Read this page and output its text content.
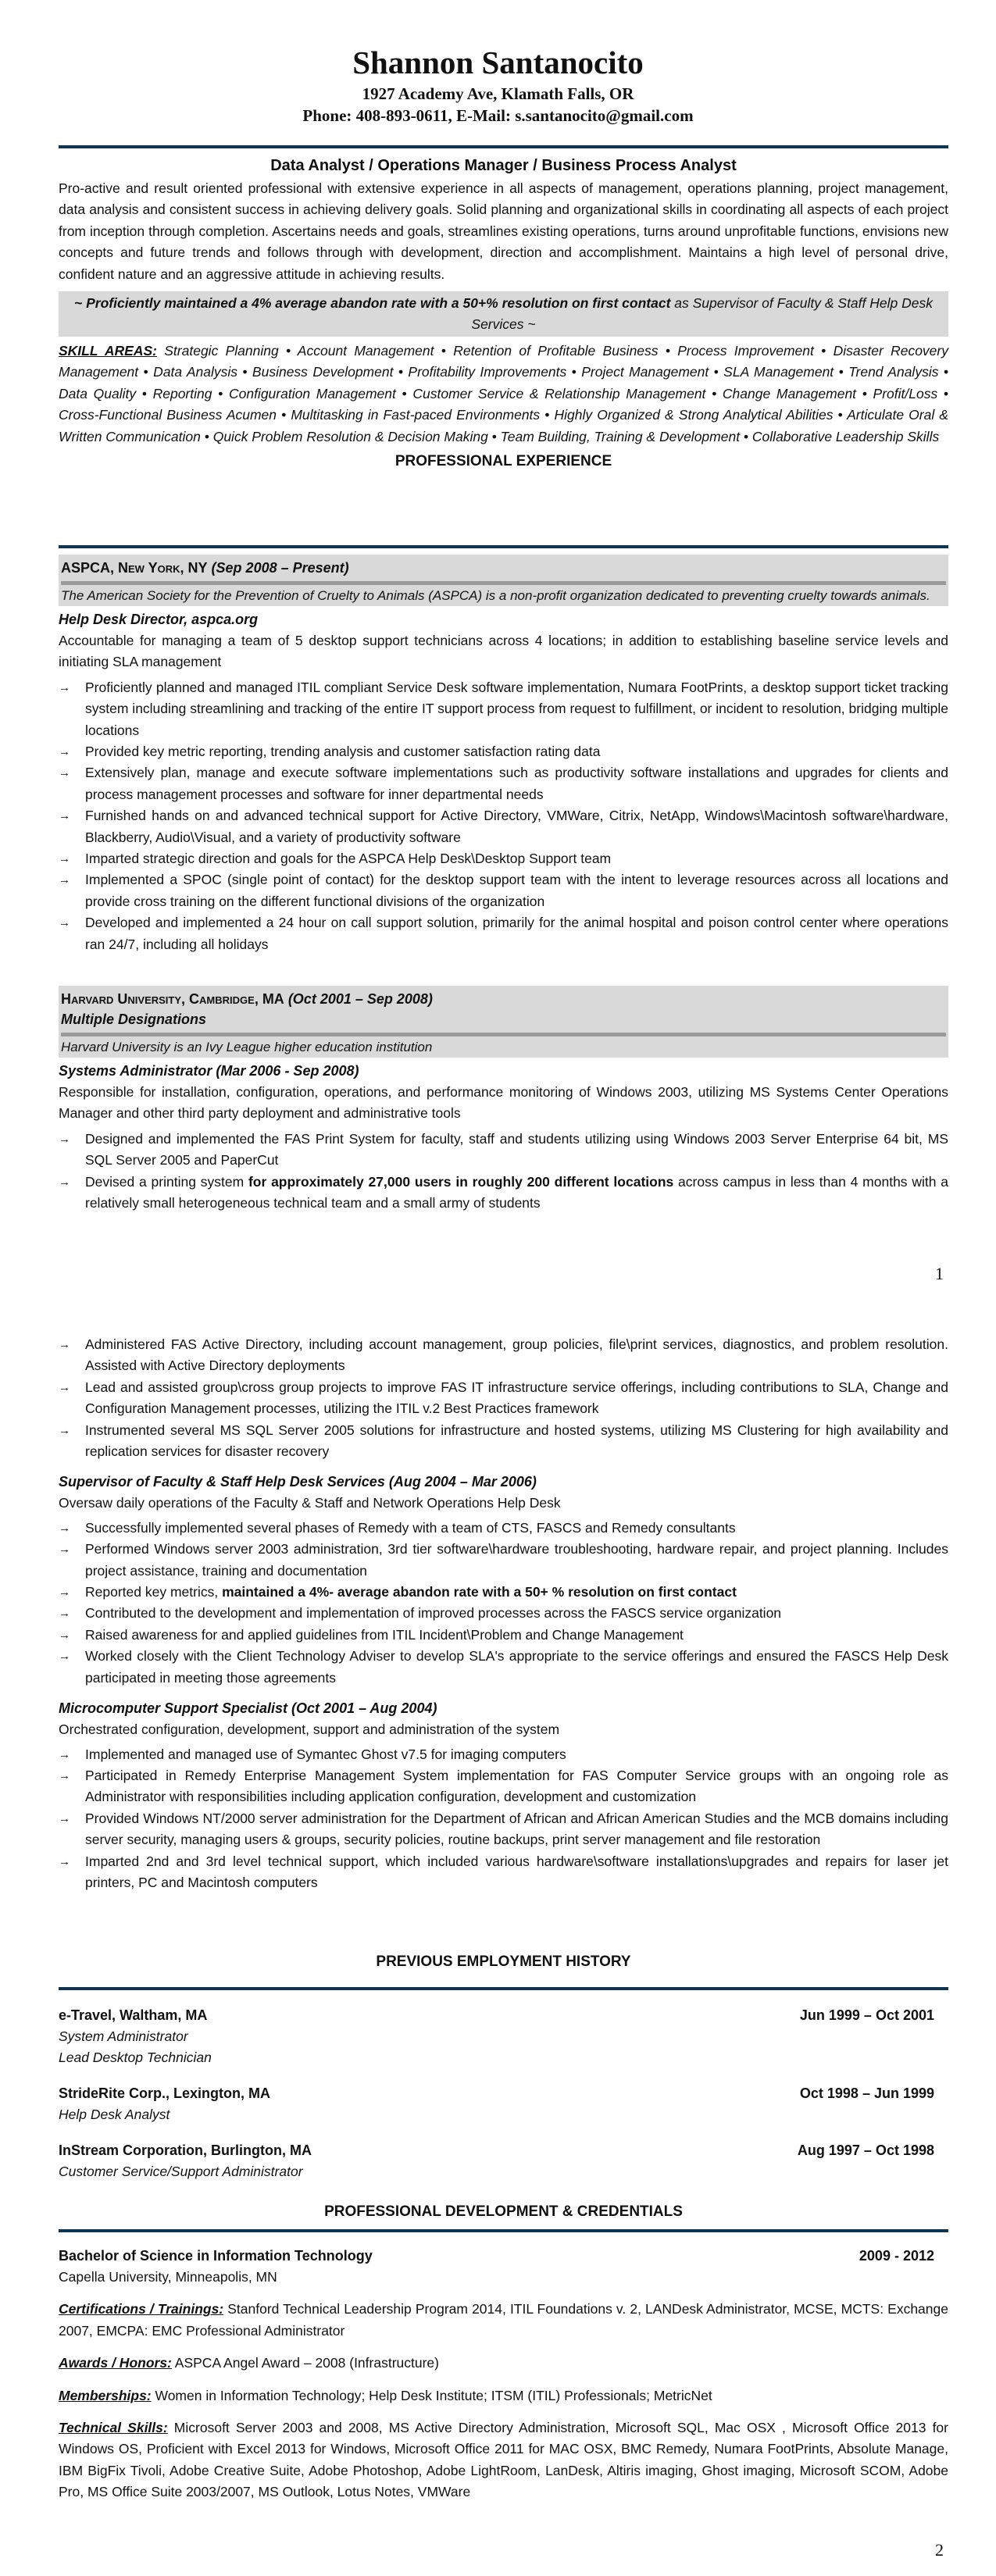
Shannon Santanocito
1927 Academy Ave, Klamath Falls, OR
Phone: 408-893-0611, E-Mail: s.santanocito@gmail.com

Data Analyst / Operations Manager / Business Process Analyst

Pro-active and result oriented professional with extensive experience in all aspects of management, operations planning, project management, data analysis and consistent success in achieving delivery goals. Solid planning and organizational skills in coordinating all aspects of each project from inception through completion. Ascertains needs and goals, streamlines existing operations, turns around unprofitable functions, envisions new concepts and future trends and follows through with development, direction and accomplishment. Maintains a high level of personal drive, confident nature and an aggressive attitude in achieving results.

~ Proficiently maintained a 4% average abandon rate with a 50+% resolution on first contact as Supervisor of Faculty & Staff Help Desk Services ~

SKILL AREAS: Strategic Planning • Account Management • Retention of Profitable Business • Process Improvement • Disaster Recovery Management • Data Analysis • Business Development • Profitability Improvements • Project Management • SLA Management • Trend Analysis • Data Quality • Reporting • Configuration Management • Customer Service & Relationship Management • Change Management • Profit/Loss • Cross-Functional Business Acumen • Multitasking in Fast-paced Environments • Highly Organized & Strong Analytical Abilities • Articulate Oral & Written Communication • Quick Problem Resolution & Decision Making • Team Building, Training & Development • Collaborative Leadership Skills

PROFESSIONAL EXPERIENCE

ASPCA, New York, NY (Sep 2008 – Present)
The American Society for the Prevention of Cruelty to Animals (ASPCA) is a non-profit organization dedicated to preventing cruelty towards animals.

Help Desk Director, aspca.org

Accountable for managing a team of 5 desktop support technicians across 4 locations; in addition to establishing baseline service levels and initiating SLA management

→ Proficiently planned and managed ITIL compliant Service Desk software implementation, Numara FootPrints, a desktop support ticket tracking system including streamlining and tracking of the entire IT support process from request to fulfillment, or incident to resolution, bridging multiple locations
→ Provided key metric reporting, trending analysis and customer satisfaction rating data
→ Extensively plan, manage and execute software implementations such as productivity software installations and upgrades for clients and process management processes and software for inner departmental needs
→ Furnished hands on and advanced technical support for Active Directory, VMWare, Citrix, NetApp, Windows\Macintosh software\hardware, Blackberry, Audio\Visual, and a variety of productivity software
→ Imparted strategic direction and goals for the ASPCA Help Desk\Desktop Support team
→ Implemented a SPOC (single point of contact) for the desktop support team with the intent to leverage resources across all locations and provide cross training on the different functional divisions of the organization
→ Developed and implemented a 24 hour on call support solution, primarily for the animal hospital and poison control center where operations ran 24/7, including all holidays
Harvard University, Cambridge, MA (Oct 2001 – Sep 2008)
Multiple Designations
Harvard University is an Ivy League higher education institution

Systems Administrator (Mar 2006 - Sep 2008)

Responsible for installation, configuration, operations, and performance monitoring of Windows 2003, utilizing MS Systems Center Operations Manager and other third party deployment and administrative tools

→ Designed and implemented the FAS Print System for faculty, staff and students utilizing using Windows 2003 Server Enterprise 64 bit, MS SQL Server 2005 and PaperCut
→ Devised a printing system for approximately 27,000 users in roughly 200 different locations across campus in less than 4 months with a relatively small heterogeneous technical team and a small army of students
1
→ Administered FAS Active Directory, including account management, group policies, file\print services, diagnostics, and problem resolution. Assisted with Active Directory deployments
→ Lead and assisted group\cross group projects to improve FAS IT infrastructure service offerings, including contributions to SLA, Change and Configuration Management processes, utilizing the ITIL v.2 Best Practices framework
→ Instrumented several MS SQL Server 2005 solutions for infrastructure and hosted systems, utilizing MS Clustering for high availability and replication services for disaster recovery

Supervisor of Faculty & Staff Help Desk Services (Aug 2004 – Mar 2006)

Oversaw daily operations of the Faculty & Staff and Network Operations Help Desk

→ Successfully implemented several phases of Remedy with a team of CTS, FASCS and Remedy consultants
→ Performed Windows server 2003 administration, 3rd tier software\hardware troubleshooting, hardware repair, and project planning. Includes project assistance, training and documentation
→ Reported key metrics, maintained a 4%- average abandon rate with a 50+ % resolution on first contact
→ Contributed to the development and implementation of improved processes across the FASCS service organization
→ Raised awareness for and applied guidelines from ITIL Incident\Problem and Change Management
→ Worked closely with the Client Technology Adviser to develop SLA's appropriate to the service offerings and ensured the FASCS Help Desk participated in meeting those agreements

Microcomputer Support Specialist (Oct 2001 – Aug 2004)

Orchestrated configuration, development, support and administration of the system

→ Implemented and managed use of Symantec Ghost v7.5 for imaging computers
→ Participated in Remedy Enterprise Management System implementation for FAS Computer Service groups with an ongoing role as Administrator with responsibilities including application configuration, development and customization
→ Provided Windows NT/2000 server administration for the Department of African and African American Studies and the MCB domains including server security, managing users & groups, security policies, routine backups, print server management and file restoration
→ Imparted 2nd and 3rd level technical support, which included various hardware\software installations\upgrades and repairs for laser jet printers, PC and Macintosh computers

PREVIOUS EMPLOYMENT HISTORY

e-Travel, Waltham, MA	Jun 1999 – Oct 2001
System Administrator
Lead Desktop Technician
StrideRite Corp., Lexington, MA	Oct 1998 – Jun 1999
Help Desk Analyst
InStream Corporation, Burlington, MA	Aug 1997 – Oct 1998
Customer Service/Support Administrator

PROFESSIONAL DEVELOPMENT & CREDENTIALS

Bachelor of Science in Information Technology	2009 - 2012

Capella University, Minneapolis, MN

Certifications / Trainings: Stanford Technical Leadership Program 2014, ITIL Foundations v. 2, LANDesk Administrator, MCSE, MCTS: Exchange 2007, EMCPA: EMC Professional Administrator

Awards / Honors: ASPCA Angel Award – 2008 (Infrastructure)

Memberships: Women in Information Technology; Help Desk Institute; ITSM (ITIL) Professionals; MetricNet

Technical Skills: Microsoft Server 2003 and 2008, MS Active Directory Administration, Microsoft SQL, Mac OSX , Microsoft Office 2013 for Windows OS, Proficient with Excel 2013 for Windows, Microsoft Office 2011 for MAC OSX, BMC Remedy, Numara FootPrints, Absolute Manage, IBM BigFix Tivoli, Adobe Creative Suite, Adobe Photoshop, Adobe LightRoom, LanDesk, Altiris imaging, Ghost imaging, Microsoft SCOM, Adobe Pro, MS Office Suite 2003/2007, MS Outlook, Lotus Notes, VMWare

2
